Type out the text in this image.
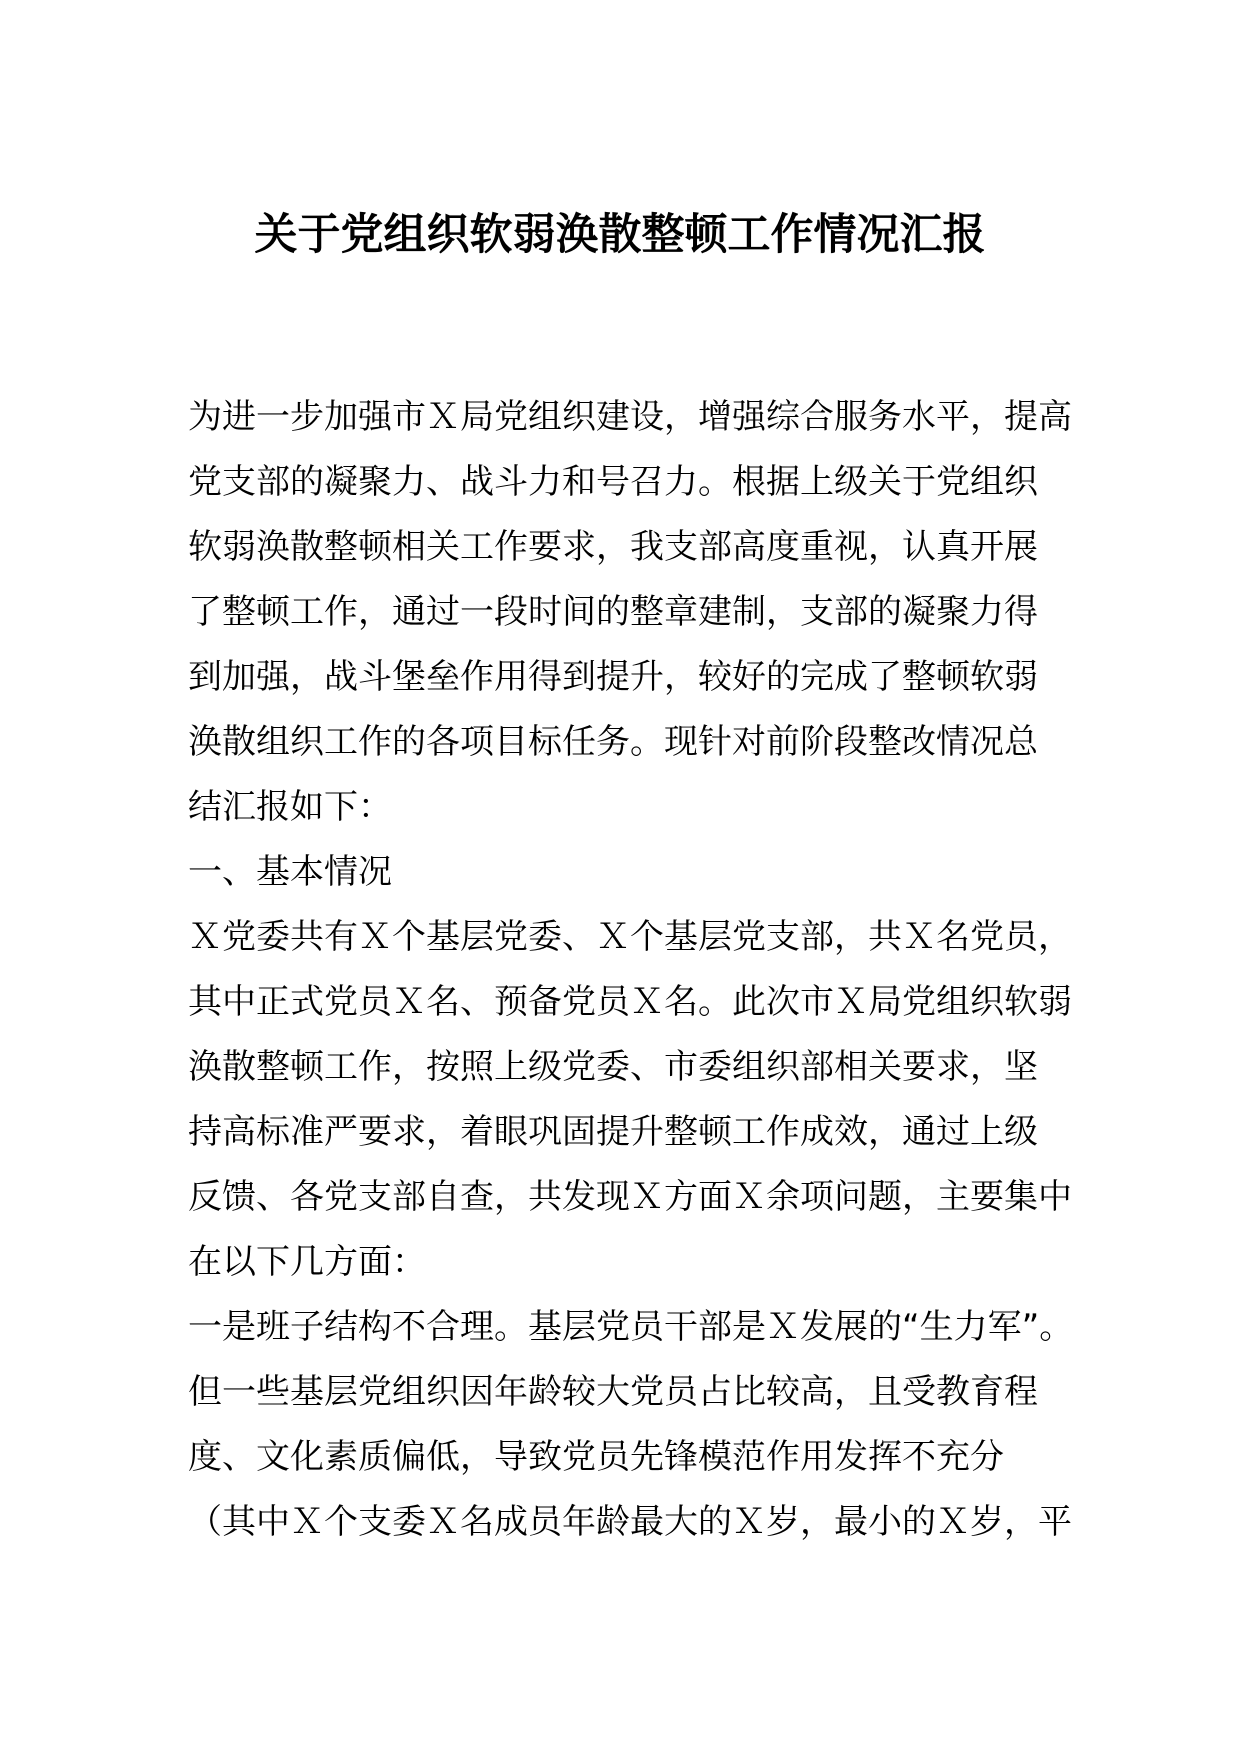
关于党组织软弱涣散整顿工作情况汇报
为进一步加强市Ｘ局党组织建设，增强综合服务水平，提高
党支部的凝聚力、战斗力和号召力。根据上级关于党组织
软弱涣散整顿相关工作要求，我支部高度重视，认真开展
了整顿工作，通过一段时间的整章建制，支部的凝聚力得
到加强，战斗堡垒作用得到提升，较好的完成了整顿软弱
涣散组织工作的各项目标任务。现针对前阶段整改情况总
结汇报如下：
一、基本情况
Ｘ党委共有Ｘ个基层党委、Ｘ个基层党支部，共Ｘ名党员，
其中正式党员Ｘ名、预备党员Ｘ名。此次市Ｘ局党组织软弱
涣散整顿工作，按照上级党委、市委组织部相关要求，坚
持高标准严要求，着眼巩固提升整顿工作成效，通过上级
反馈、各党支部自查，共发现Ｘ方面Ｘ余项问题，主要集中
在以下几方面：
一是班子结构不合理。基层党员干部是Ｘ发展的“生力军”。
但一些基层党组织因年龄较大党员占比较高，且受教育程
度、文化素质偏低，导致党员先锋模范作用发挥不充分
（其中Ｘ个支委Ｘ名成员年龄最大的Ｘ岁，最小的Ｘ岁，平
